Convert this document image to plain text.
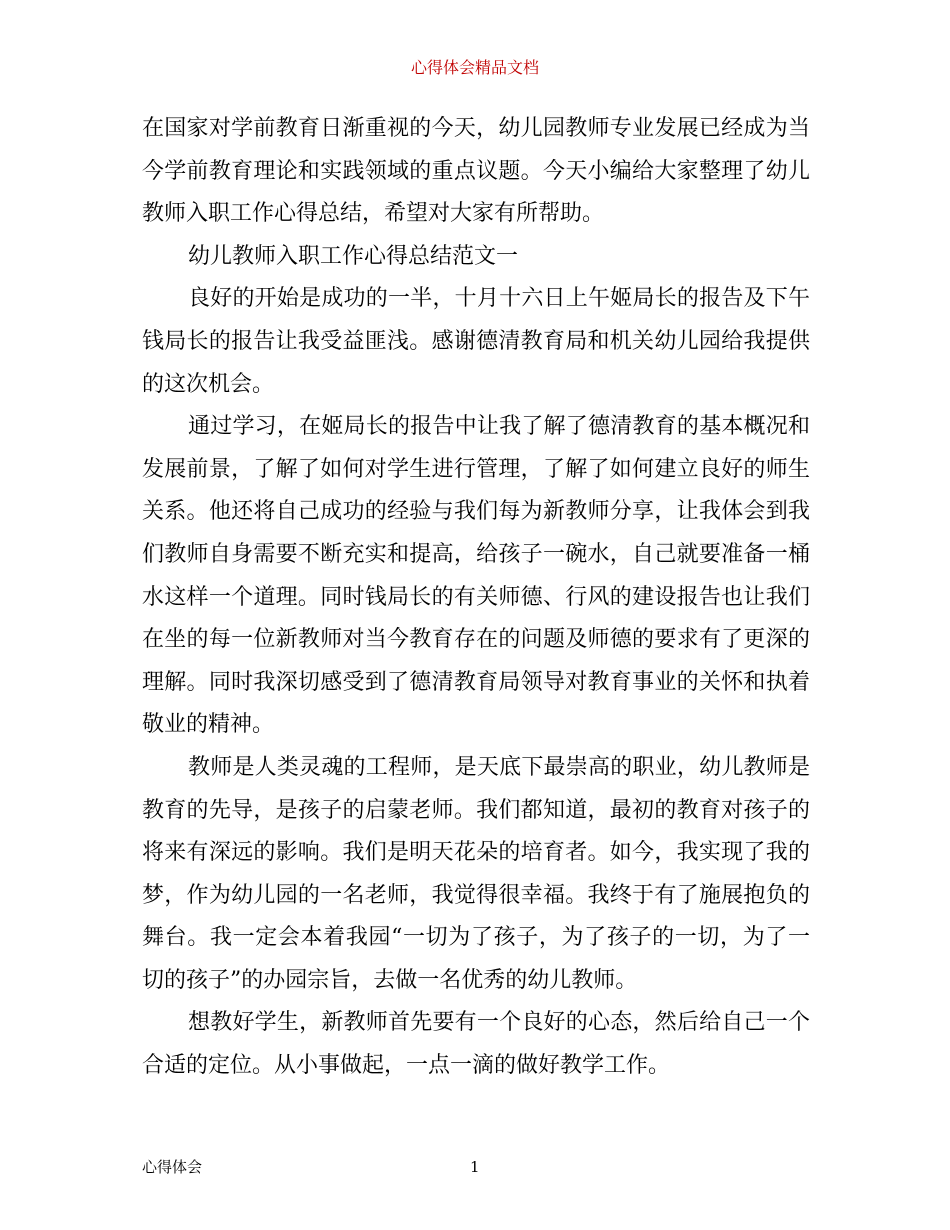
心得体会精品文档

在国家对学前教育日渐重视的今天，幼儿园教师专业发展已经成为当今学前教育理论和实践领域的重点议题。今天小编给大家整理了幼儿教师入职工作心得总结，希望对大家有所帮助。

幼儿教师入职工作心得总结范文一

良好的开始是成功的一半，十月十六日上午姬局长的报告及下午钱局长的报告让我受益匪浅。感谢德清教育局和机关幼儿园给我提供的这次机会。

通过学习，在姬局长的报告中让我了解了德清教育的基本概况和发展前景，了解了如何对学生进行管理，了解了如何建立良好的师生关系。他还将自己成功的经验与我们每为新教师分享，让我体会到我们教师自身需要不断充实和提高，给孩子一碗水，自己就要准备一桶水这样一个道理。同时钱局长的有关师德、行风的建设报告也让我们在坐的每一位新教师对当今教育存在的问题及师德的要求有了更深的理解。同时我深切感受到了德清教育局领导对教育事业的关怀和执着敬业的精神。

教师是人类灵魂的工程师，是天底下最崇高的职业，幼儿教师是教育的先导，是孩子的启蒙老师。我们都知道，最初的教育对孩子的将来有深远的影响。我们是明天花朵的培育者。如今，我实现了我的梦，作为幼儿园的一名老师，我觉得很幸福。我终于有了施展抱负的舞台。我一定会本着我园“一切为了孩子，为了孩子的一切，为了一切的孩子”的办园宗旨，去做一名优秀的幼儿教师。

想教好学生，新教师首先要有一个良好的心态，然后给自己一个合适的定位。从小事做起，一点一滴的做好教学工作。

心得体会	1
